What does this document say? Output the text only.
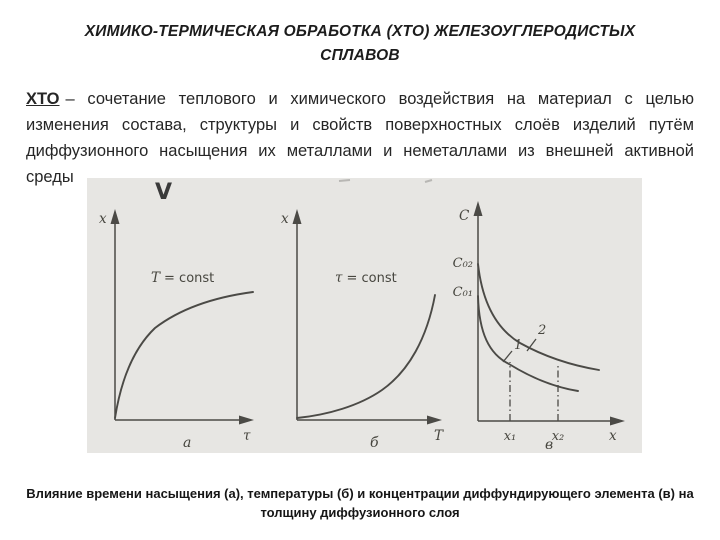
ХИМИКО-ТЕРМИЧЕСКАЯ ОБРАБОТКА (ХТО) ЖЕЛЕЗОУГЛЕРОДИСТЫХ
СПЛАВОВ
ХТО – сочетание теплового и химического воздействия на материал с целью
изменения состава, структуры и свойств поверхностных слоёв изделий путём
диффузионного насыщения их металлами и неметаллами из внешней активной
среды
V
x
τ
T = const
а
x
T
τ = const
б
C
x
C₀₂
C₀₁
1
2
x₁	x₂
в
Влияние времени насыщения (а), температуры (б) и концентрации диффундирующего элемента (в) на
толщину диффузионного слоя
